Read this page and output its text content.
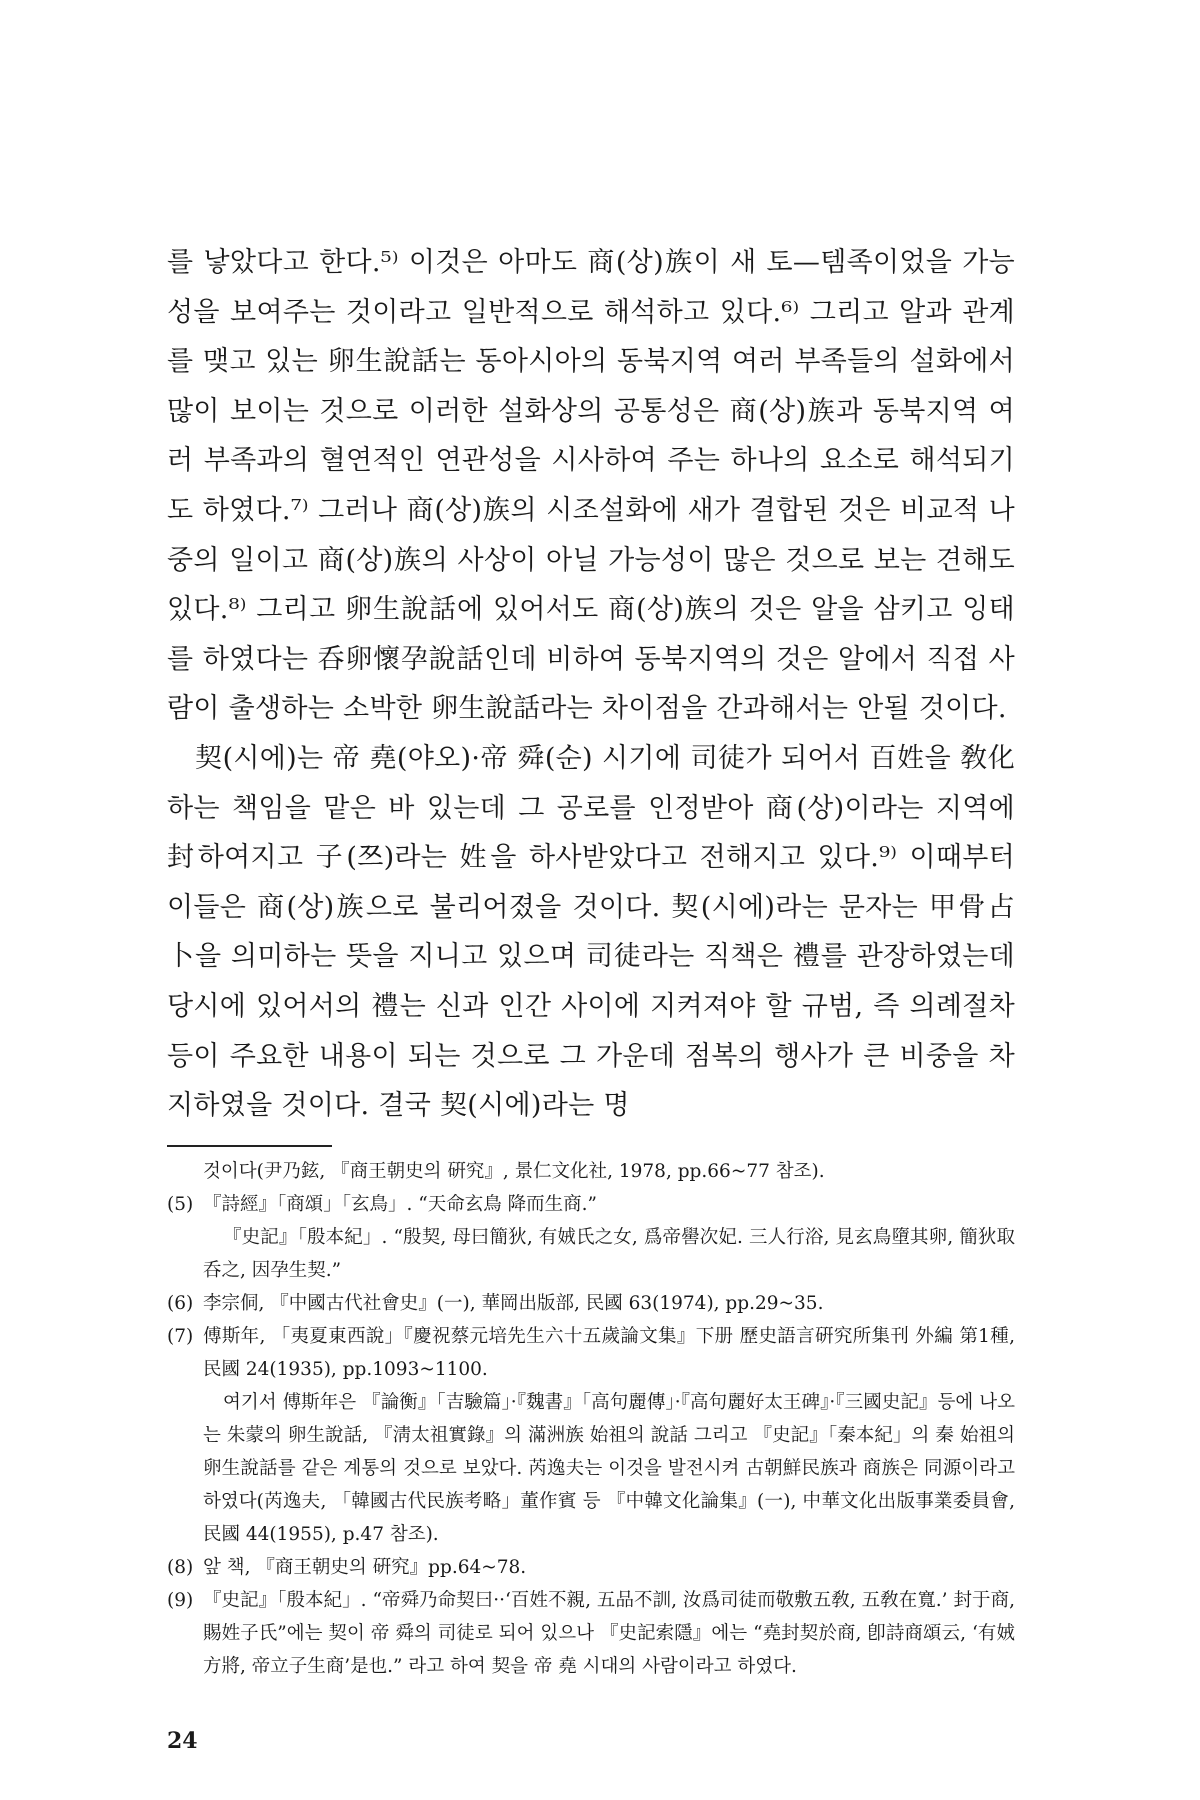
를 낳았다고 한다.⁵⁾ 이것은 아마도 商(상)族이 새 토—템족이었을 가능성을 보여주는 것이라고 일반적으로 해석하고 있다.⁶⁾ 그리고 알과 관계를 맺고 있는 卵生說話는 동아시아의 동북지역 여러 부족들의 설화에서 많이 보이는 것으로 이러한 설화상의 공통성은 商(상)族과 동북지역 여러 부족과의 혈연적인 연관성을 시사하여 주는 하나의 요소로 해석되기도 하였다.⁷⁾ 그러나 商(상)族의 시조설화에 새가 결합된 것은 비교적 나중의 일이고 商(상)族의 사상이 아닐 가능성이 많은 것으로 보는 견해도 있다.⁸⁾ 그리고 卵生說話에 있어서도 商(상)族의 것은 알을 삼키고 잉태를 하였다는 呑卵懷孕說話인데 비하여 동북지역의 것은 알에서 직접 사람이 출생하는 소박한 卵生說話라는 차이점을 간과해서는 안될 것이다.

契(시에)는 帝 堯(야오)·帝 舜(순) 시기에 司徒가 되어서 百姓을 敎化하는 책임을 맡은 바 있는데 그 공로를 인정받아 商(상)이라는 지역에 封하여지고 子(쯔)라는 姓을 하사받았다고 전해지고 있다.⁹⁾ 이때부터 이들은 商(상)族으로 불리어졌을 것이다. 契(시에)라는 문자는 甲骨占卜을 의미하는 뜻을 지니고 있으며 司徒라는 직책은 禮를 관장하였는데 당시에 있어서의 禮는 신과 인간 사이에 지켜져야 할 규범, 즉 의례절차 등이 주요한 내용이 되는 것으로 그 가운데 점복의 행사가 큰 비중을 차지하였을 것이다. 결국 契(시에)라는 명

것이다(尹乃鉉, 『商王朝史의 硏究』, 景仁文化社, 1978, pp.66~77 참조).

(5) 『詩經』「商頌」「玄鳥」. “天命玄鳥 降而生商.”

『史記』「殷本紀」. “殷契, 母曰簡狄, 有娀氏之女, 爲帝嚳次妃. 三人行浴, 見玄鳥墮其卵, 簡狄取呑之, 因孕生契.”

(6) 李宗侗, 『中國古代社會史』(一), 華岡出版部, 民國 63(1974), pp.29~35.
(7) 傅斯年, 「夷夏東西說」『慶祝蔡元培先生六十五歲論文集』下册 歷史語言硏究所集刊 外編 第1種, 民國 24(1935), pp.1093~1100.

여기서 傅斯年은 『論衡』「吉驗篇」·『魏書』「高句麗傳」·『高句麗好太王碑』·『三國史記』등에 나오는 朱蒙의 卵生說話, 『淸太祖實錄』의 滿洲族 始祖의 說話 그리고 『史記』「秦本紀」의 秦 始祖의 卵生說話를 같은 계통의 것으로 보았다. 芮逸夫는 이것을 발전시켜 古朝鮮民族과 商族은 同源이라고 하였다(芮逸夫, 「韓國古代民族考略」董作賓 등 『中韓文化論集』(一), 中華文化出版事業委員會, 民國 44(1955), p.47 참조).

(8) 앞 책, 『商王朝史의 硏究』pp.64~78.
(9) 『史記』「殷本紀」. “帝舜乃命契曰··‘百姓不親, 五品不訓, 汝爲司徒而敬敷五敎, 五敎在寬.’ 封于商, 賜姓子氏”에는 契이 帝 舜의 司徒로 되어 있으나 『史記索隱』에는 “堯封契於商, 卽詩商頌云, ‘有娀方將, 帝立子生商’是也.” 라고 하여 契을 帝 堯 시대의 사람이라고 하였다.
24
